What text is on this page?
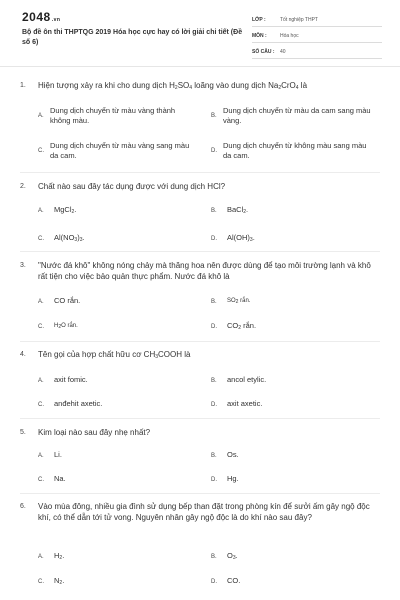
2048.vn
Bộ đề ôn thi THPTQG 2019 Hóa học cực hay có lời giải chi tiết (Đề số 6)
LỚP :	Tốt nghiệp THPT
MÔN :	Hóa học
SỐ CÂU : 40
1. Hiện tượng xảy ra khi cho dung dịch $H_2SO_4$ loãng vào dung dịch $Na_2CrO_4$ là
A.
Dung dịch chuyển từ màu vàng thành không màu.	B.
Dung dịch chuyển từ màu da cam sang màu vàng.
C.
Dung dịch chuyển từ màu vàng sang màu da cam.	D.
Dung dịch chuyển từ không màu sang màu da cam.
2. Chất nào sau đây tác dụng được với dung dịch HCl?
A.	MgCl$_2$.	B.	BaCl$_2$.
C.	$Al(NO_3)_3$.	D.	$Al(OH)_3$.
3. "Nước đá khô" không nóng chảy mà thăng hoa nên được dùng để tạo môi trường lạnh và khô rất tiện cho việc bảo quản thực phẩm. Nước đá khô là
A.	CO rắn.	B.	$SO_2$ rắn.
C.	$H_2O$ rắn.	D.	$CO_2$ rắn.
4. Tên gọi của hợp chất hữu cơ $CH_3COOH$ là
A.	axit fomic.	B.	ancol etylic.
C.	anđehit axetic.	D.	axit axetic.
5. Kim loại nào sau đây nhẹ nhất?
A.	Li.	B.	Os.
C.	Na.	D.	Hg.
6. Vào mùa đông, nhiều gia đình sử dụng bếp than đặt trong phòng kín để sưởi ấm gây ngộ độc khí, có thể dẫn tới tử vong. Nguyên nhân gây ngộ độc là do khí nào sau đây?
A.	$H_2$.	B.	$O_3$.
C.	$N_2$.	D.	CO.
